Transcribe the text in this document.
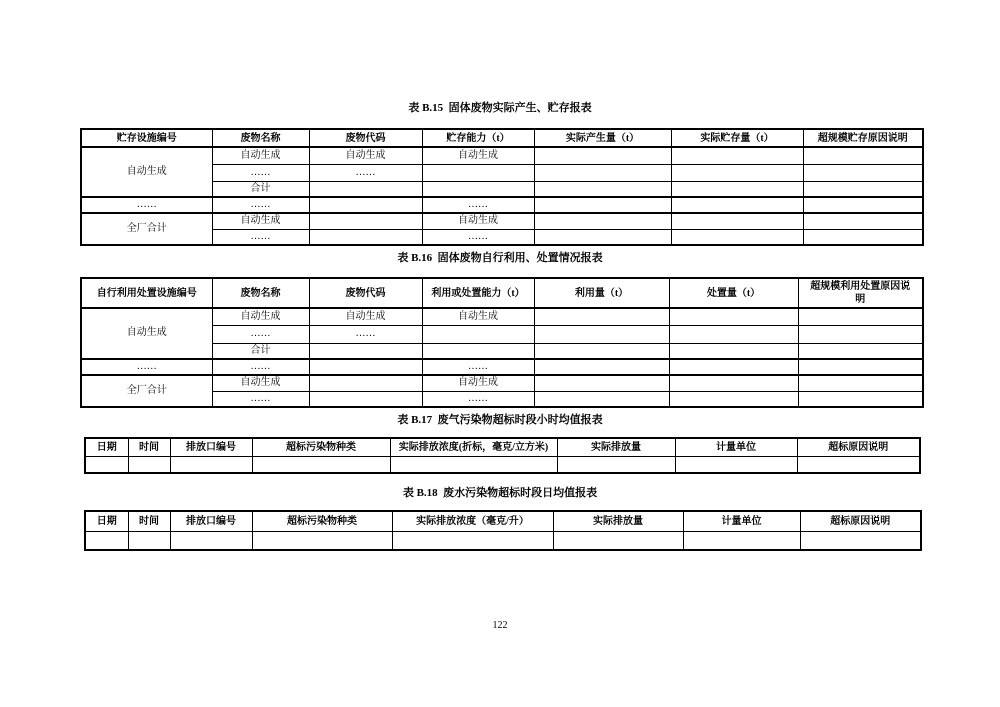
表 B.15  固体废物实际产生、贮存报表
贮存设施编号	废物名称	废物代码	贮存能力（t）	实际产生量（t）	实际贮存量（t）	超规模贮存原因说明
自动生成	自动生成	自动生成	自动生成			
	……	……				
	合计					
……	……		……			
全厂合计	自动生成		自动生成			
	……		……			
表 B.16  固体废物自行利用、处置情况报表
自行利用处置设施编号	废物名称	废物代码	利用或处置能力（t）	利用量（t）	处置量（t）	超规模利用处置原因说
明
自动生成	自动生成	自动生成	自动生成			
	……	……				
	合计					
……	……		……			
全厂合计	自动生成		自动生成			
	……		……			
表 B.17  废气污染物超标时段小时均值报表
日期	时间	排放口编号	超标污染物种类	实际排放浓度(折标，毫克/立方米)	实际排放量	计量单位	超标原因说明

表 B.18  废水污染物超标时段日均值报表
日期	时间	排放口编号	超标污染物种类	实际排放浓度（毫克/升）	实际排放量	计量单位	超标原因说明

122
